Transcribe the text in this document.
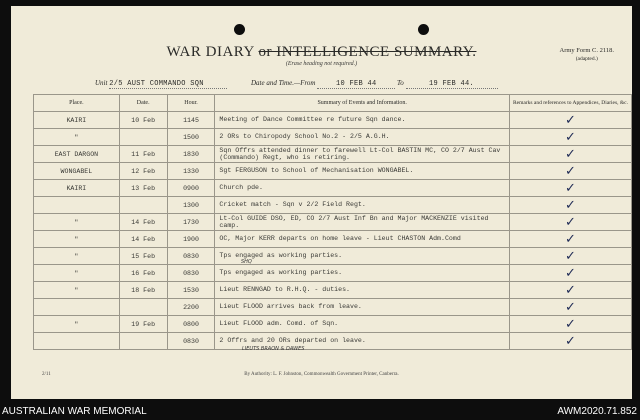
WAR DIARY or INTELLIGENCE SUMMARY.
(Erase heading not required.)
Army Form C. 2118.
(adapted.)
Unit 2/5 AUST COMMANDO SQN	Date and Time.—From	10 FEB 44	To	19 FEB 44.
Place.	Date.	Hour.	Summary of Events and Information.	Remarks and references to Appendices, Diaries, &c.
KAIRI	10 Feb	1145	Meeting of Dance Committee re future Sqn dance.	✓
"		1500	2 ORs to Chiropody School No.2 - 2/5 A.G.H.	✓
EAST DARGON	11 Feb	1830	Sqn Offrs attended dinner to farewell Lt-Col BASTIN MC, CO 2/7 Aust Cav (Commando) Regt, who is retiring.	✓
WONGABEL	12 Feb	1330	Sgt FERGUSON to School of Mechanisation WONGABEL.	✓
KAIRI	13 Feb	0900	Church pde.	✓
		1300	Cricket match - Sqn v 2/2 Field Regt.	✓
"	14 Feb	1730	Lt-Col GUIDE DSO, ED, CO 2/7 Aust Inf Bn and Major MACKENZIE visited camp.	✓
"	14 Feb	1900	OC, Major KERR departs on home leave - Lieut CHASTON Adm.Comd	✓
"	15 Feb	0830	Tps engaged as working parties.	✓
"	16 Feb	0830	Tps engaged as working parties.	✓
"	18 Feb	1530	Lieut RENNGAD to R.H.Q. - duties.	✓
		2200	Lieut FLOOD arrives back from leave.	✓
"	19 Feb	0800	Lieut FLOOD adm. Comd. of Sqn.	✓
		0830	2 Offrs and 20 ORs departed on leave.	✓
SHQ
LIEUTS BRAON & DAWES
2/11	By Authority: L. F. Johnston, Commonwealth Government Printer, Canberra.
AUSTRALIAN WAR MEMORIAL	AWM2020.71.852
